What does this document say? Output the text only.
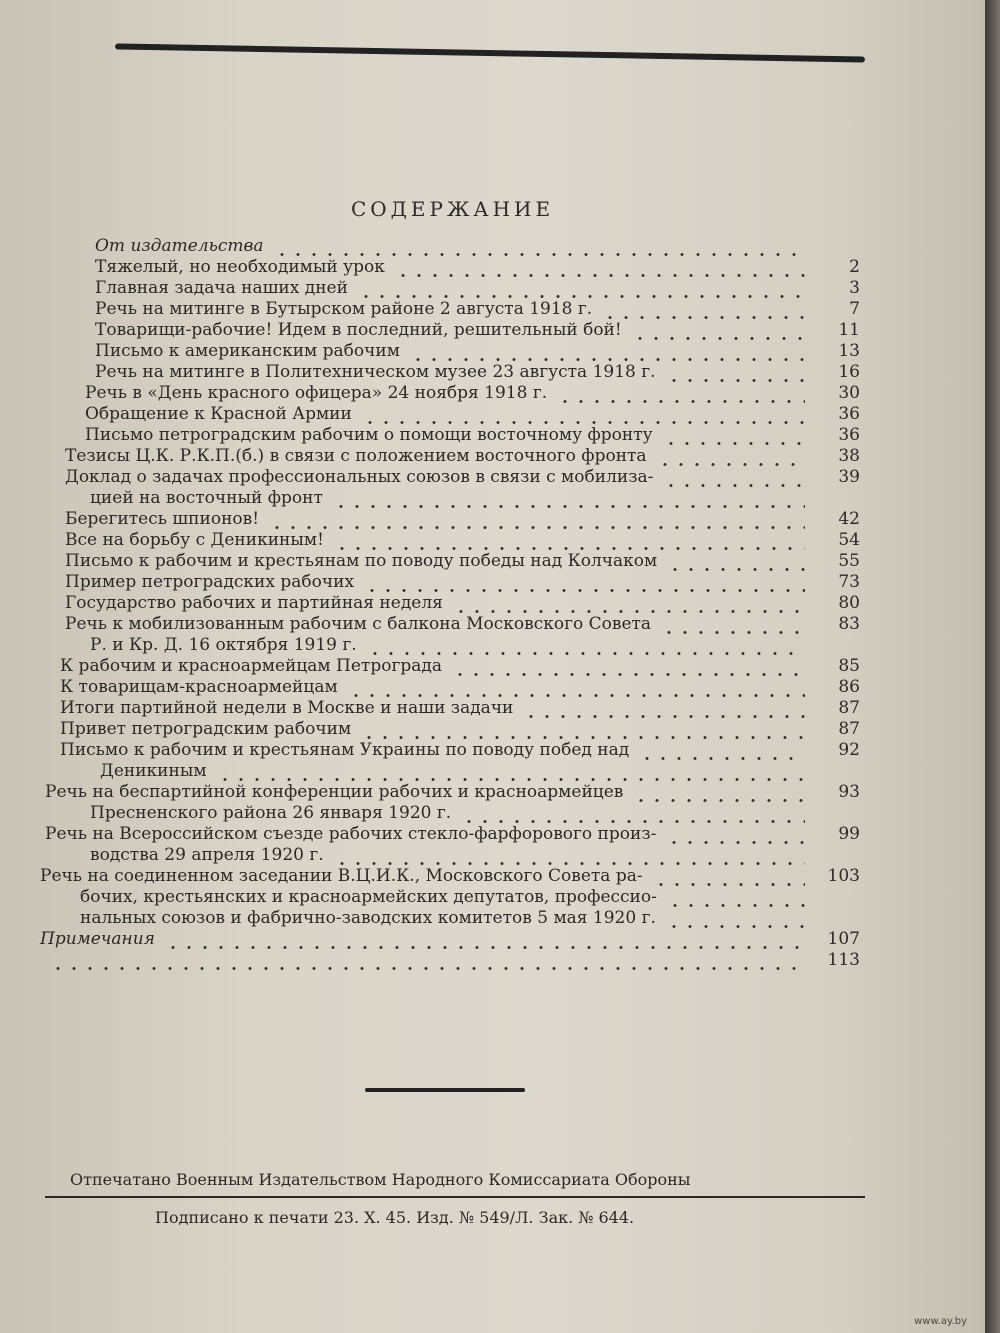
СОДЕРЖАНИЕ
От издательства
Тяжелый, но необходимый урок	2
Главная задача наших дней	3
Речь на митинге в Бутырском районе 2 августа 1918 г.	7
Товарищи-рабочие! Идем в последний, решительный бой!	11
Письмо к американским рабочим	13
Речь на митинге в Политехническом музее 23 августа 1918 г.	16
Речь в «День красного офицера» 24 ноября 1918 г.	30
Обращение к Красной Армии	36
Письмо петроградским рабочим о помощи восточному фронту	36
Тезисы Ц.К. Р.К.П.(б.) в связи с положением восточного фронта	38
Доклад о задачах профессиональных союзов в связи с мобилиза-	39
цией на восточный фронт
Берегитесь шпионов!	42
Все на борьбу с Деникиным!	54
Письмо к рабочим и крестьянам по поводу победы над Колчаком	55
Пример петроградских рабочих	73
Государство рабочих и партийная неделя	80
Речь к мобилизованным рабочим с балкона Московского Совета	83
Р. и Кр. Д. 16 октября 1919 г.
К рабочим и красноармейцам Петрограда	85
К товарищам-красноармейцам	86
Итоги партийной недели в Москве и наши задачи	87
Привет петроградским рабочим	87
Письмо к рабочим и крестьянам Украины по поводу побед над	92
Деникиным
Речь на беспартийной конференции рабочих и красноармейцев	93
Пресненского района 26 января 1920 г.
Речь на Всероссийском съезде рабочих стекло-фарфорового произ-	99
водства 29 апреля 1920 г.
Речь на соединенном заседании В.Ц.И.К., Московского Совета ра-	103
бочих, крестьянских и красноармейских депутатов, профессио-
нальных союзов и фабрично-заводских комитетов 5 мая 1920 г.
Примечания	107
113
Отпечатано Военным Издательством Народного Комиссариата Обороны
Подписано к печати 23. X. 45. Изд. № 549/Л. Зак. № 644.
www.ay.by
